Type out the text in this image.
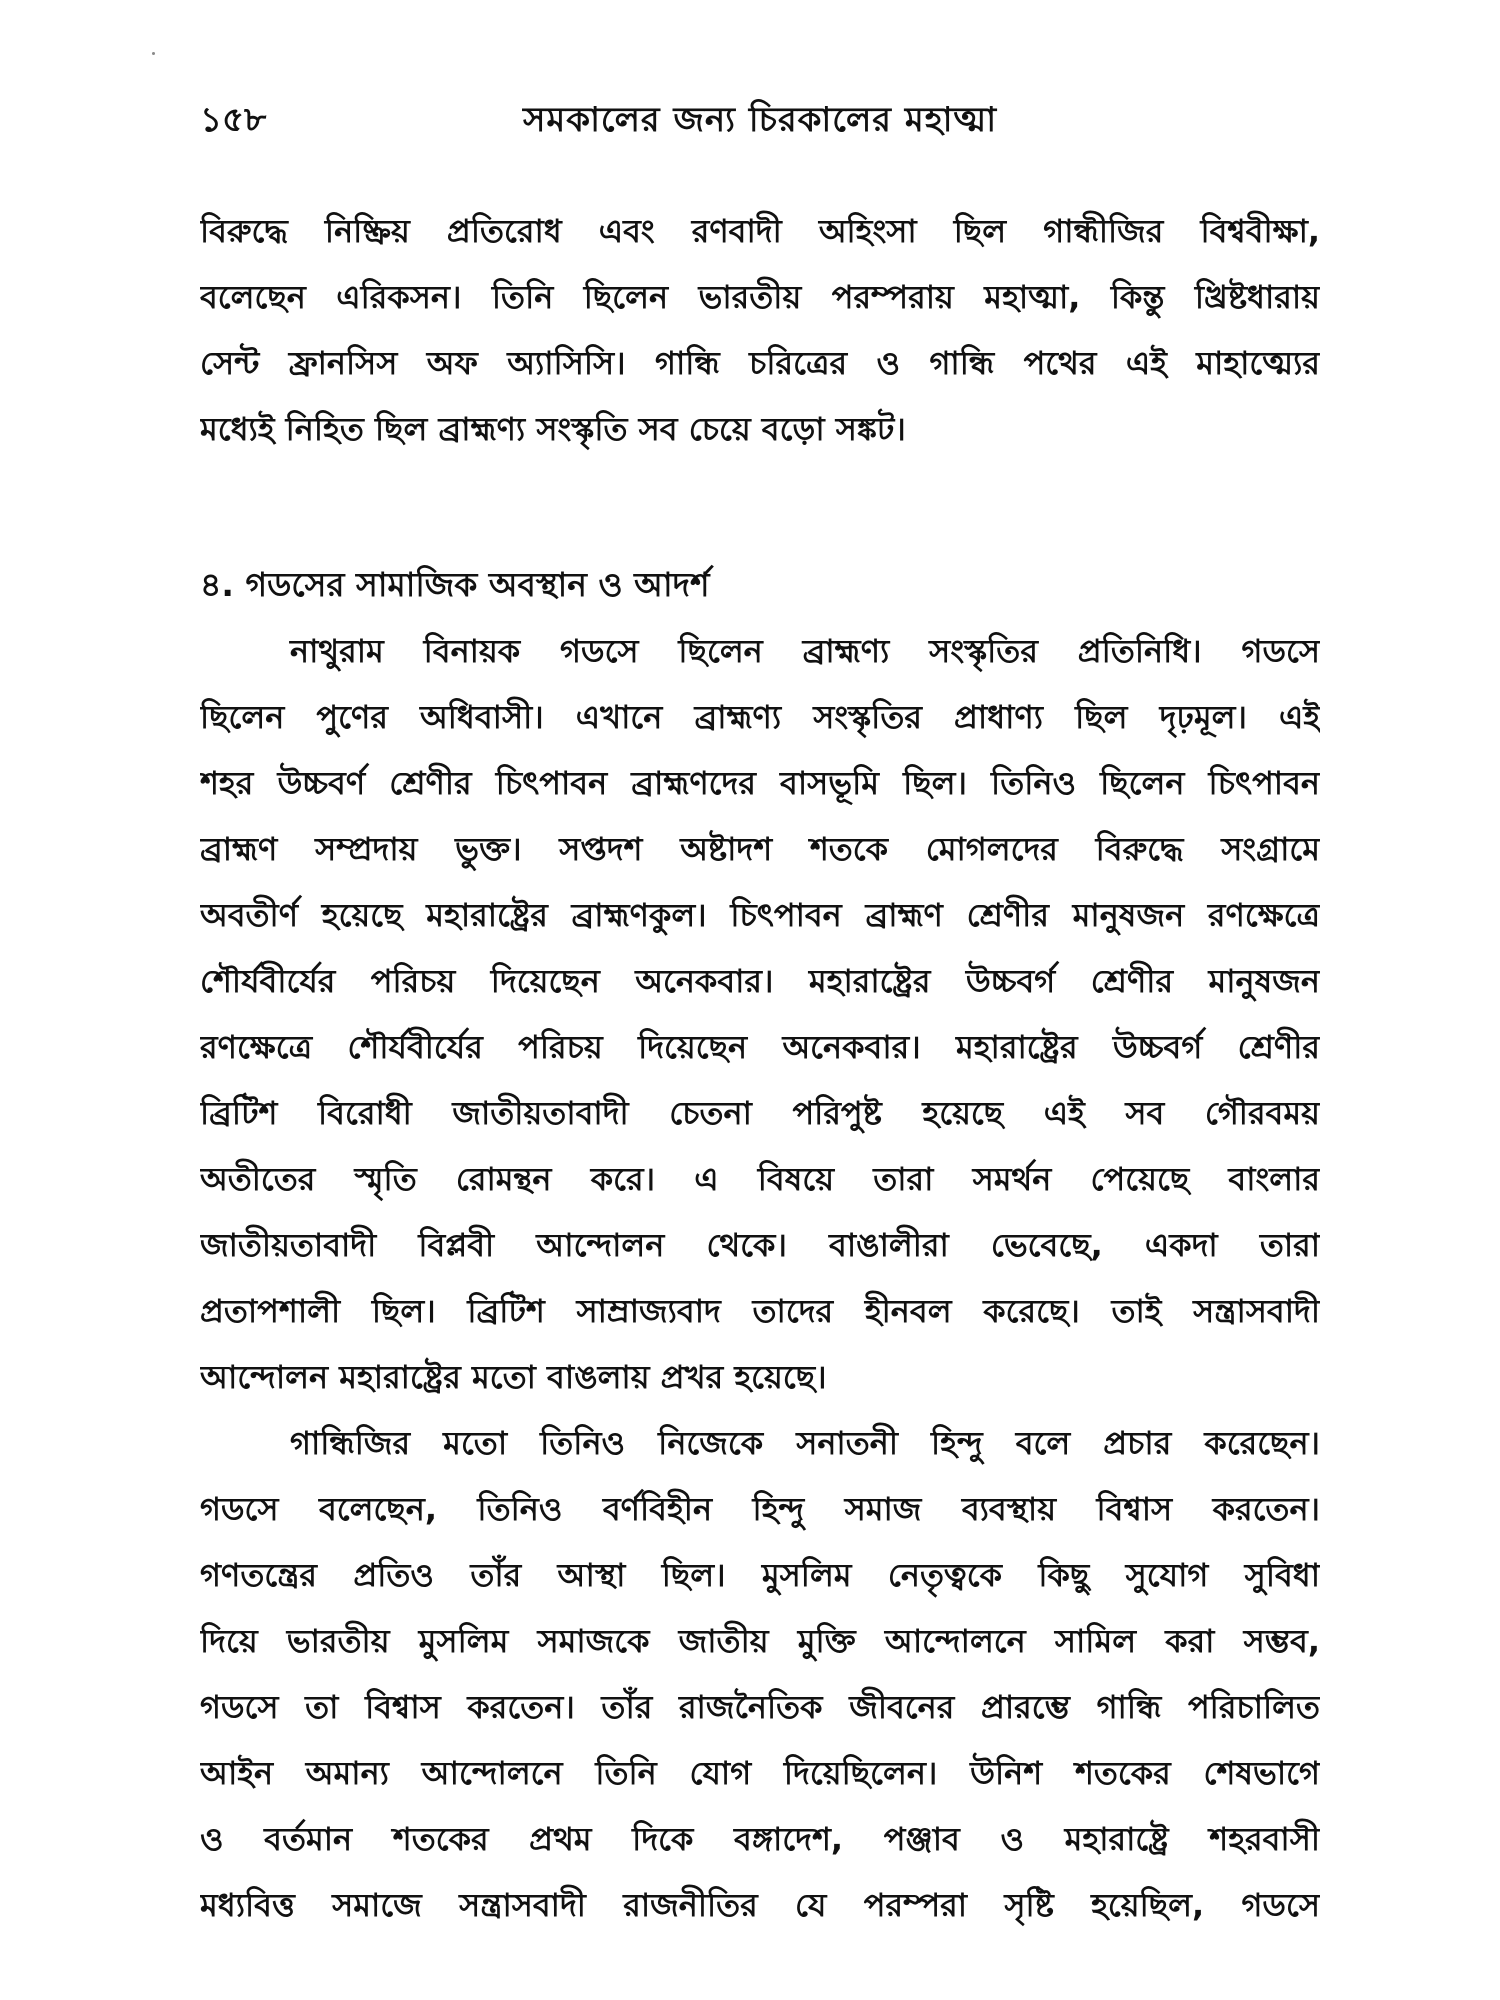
১৫৮	সমকালের জন্য চিরকালের মহাত্মা
বিরুদ্ধে নিষ্ক্রিয় প্রতিরোধ এবং রণবাদী অহিংসা ছিল গান্ধীজির বিশ্ববীক্ষা,
বলেছেন এরিকসন। তিনি ছিলেন ভারতীয় পরম্পরায় মহাত্মা, কিন্তু খ্রিষ্টধারায়
সেন্ট ফ্রানসিস অফ অ্যাসিসি। গান্ধি চরিত্রের ও গান্ধি পথের এই মাহাত্ম্যের
মধ্যেই নিহিত ছিল ব্রাহ্মণ্য সংস্কৃতি সব চেয়ে বড়ো সঙ্কট।
৪. গডসের সামাজিক অবস্থান ও আদর্শ
নাথুরাম বিনায়ক গডসে ছিলেন ব্রাহ্মণ্য সংস্কৃতির প্রতিনিধি। গডসে
ছিলেন পুণের অধিবাসী। এখানে ব্রাহ্মণ্য সংস্কৃতির প্রাধাণ্য ছিল দৃঢ়মূল। এই
শহর উচ্চবর্ণ শ্রেণীর চিৎপাবন ব্রাহ্মণদের বাসভূমি ছিল। তিনিও ছিলেন চিৎপাবন
ব্রাহ্মণ সম্প্রদায় ভুক্ত। সপ্তদশ অষ্টাদশ শতকে মোগলদের বিরুদ্ধে সংগ্রামে
অবতীর্ণ হয়েছে মহারাষ্ট্রের ব্রাহ্মণকুল। চিৎপাবন ব্রাহ্মণ শ্রেণীর মানুষজন রণক্ষেত্রে
শৌর্যবীর্যের পরিচয় দিয়েছেন অনেকবার। মহারাষ্ট্রের উচ্চবর্গ শ্রেণীর মানুষজন
রণক্ষেত্রে শৌর্যবীর্যের পরিচয় দিয়েছেন অনেকবার। মহারাষ্ট্রের উচ্চবর্গ শ্রেণীর
ব্রিটিশ বিরোধী জাতীয়তাবাদী চেতনা পরিপুষ্ট হয়েছে এই সব গৌরবময়
অতীতের স্মৃতি রোমন্থন করে। এ বিষয়ে তারা সমর্থন পেয়েছে বাংলার
জাতীয়তাবাদী বিপ্লবী আন্দোলন থেকে। বাঙালীরা ভেবেছে, একদা তারা
প্রতাপশালী ছিল। ব্রিটিশ সাম্রাজ্যবাদ তাদের হীনবল করেছে। তাই সন্ত্রাসবাদী
আন্দোলন মহারাষ্ট্রের মতো বাঙলায় প্রখর হয়েছে।
গান্ধিজির মতো তিনিও নিজেকে সনাতনী হিন্দু বলে প্রচার করেছেন।
গডসে বলেছেন, তিনিও বর্ণবিহীন হিন্দু সমাজ ব্যবস্থায় বিশ্বাস করতেন।
গণতন্ত্রের প্রতিও তাঁর আস্থা ছিল। মুসলিম নেতৃত্বকে কিছু সুযোগ সুবিধা
দিয়ে ভারতীয় মুসলিম সমাজকে জাতীয় মুক্তি আন্দোলনে সামিল করা সম্ভব,
গডসে তা বিশ্বাস করতেন। তাঁর রাজনৈতিক জীবনের প্রারম্ভে গান্ধি পরিচালিত
আইন অমান্য আন্দোলনে তিনি যোগ দিয়েছিলেন। উনিশ শতকের শেষভাগে
ও বর্তমান শতকের প্রথম দিকে বঙ্গাদেশ, পঞ্জাব ও মহারাষ্ট্রে শহরবাসী
মধ্যবিত্ত সমাজে সন্ত্রাসবাদী রাজনীতির যে পরম্পরা সৃষ্টি হয়েছিল, গডসে
